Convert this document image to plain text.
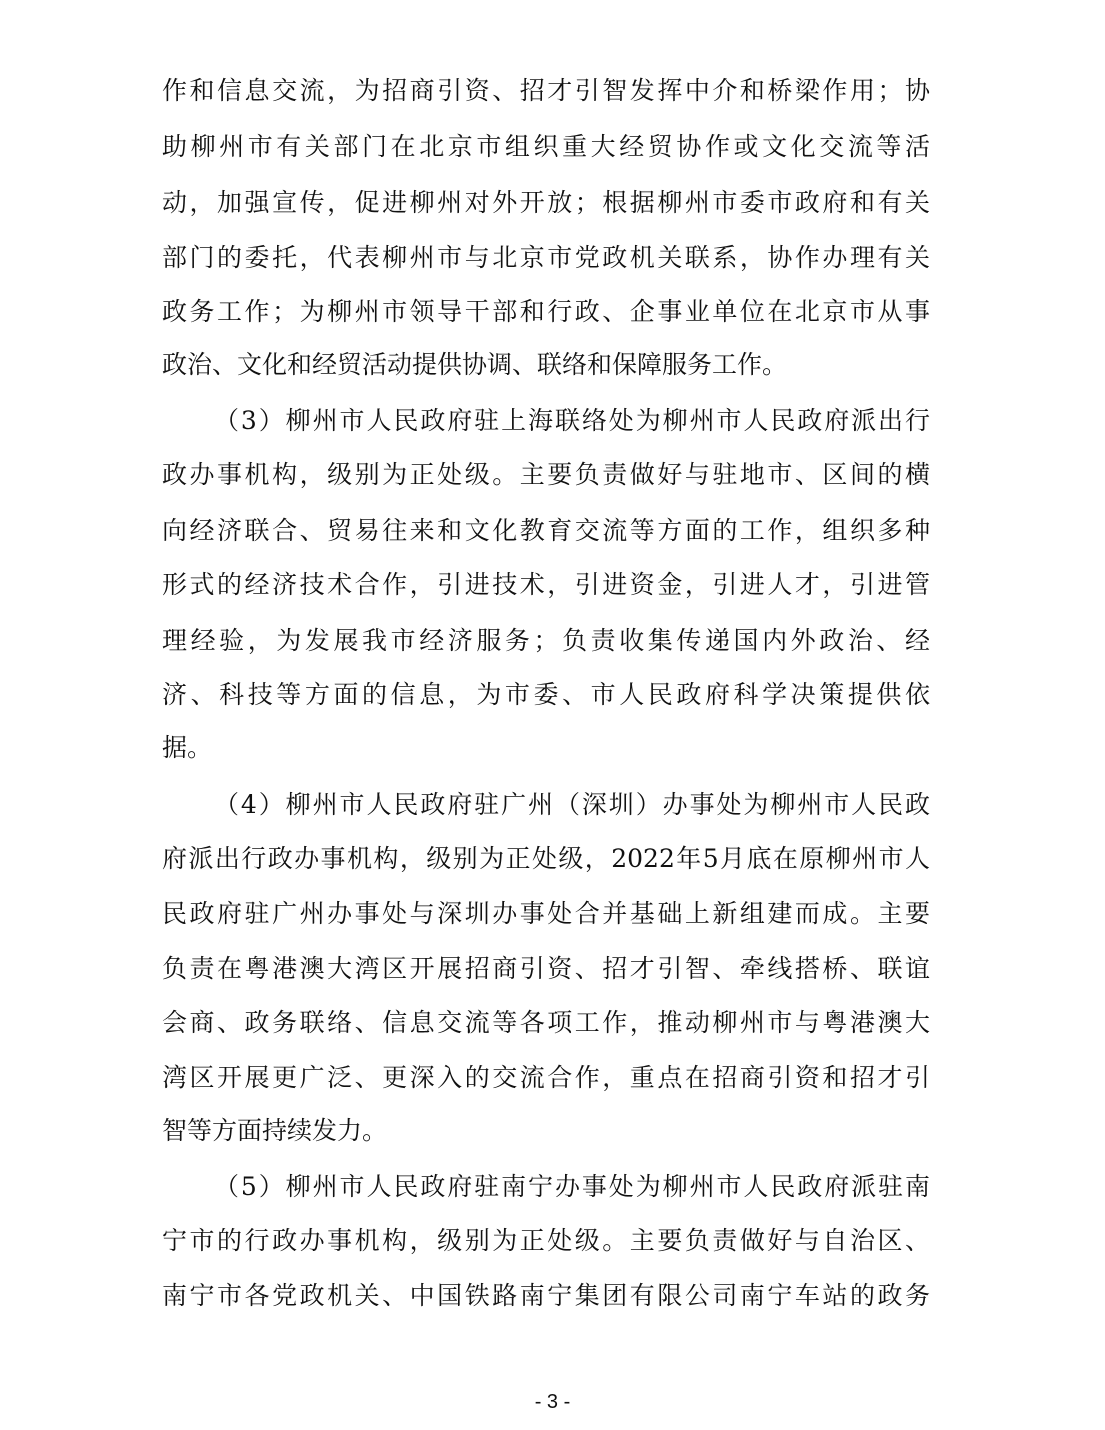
作和信息交流，为招商引资、招才引智发挥中介和桥梁作用；协
助柳州市有关部门在北京市组织重大经贸协作或文化交流等活
动，加强宣传，促进柳州对外开放；根据柳州市委市政府和有关
部门的委托，代表柳州市与北京市党政机关联系，协作办理有关
政务工作；为柳州市领导干部和行政、企事业单位在北京市从事
政治、文化和经贸活动提供协调、联络和保障服务工作。
（3）柳州市人民政府驻上海联络处为柳州市人民政府派出行
政办事机构，级别为正处级。主要负责做好与驻地市、区间的横
向经济联合、贸易往来和文化教育交流等方面的工作，组织多种
形式的经济技术合作，引进技术，引进资金，引进人才，引进管
理经验，为发展我市经济服务；负责收集传递国内外政治、经
济、科技等方面的信息，为市委、市人民政府科学决策提供依
据。
（4）柳州市人民政府驻广州（深圳）办事处为柳州市人民政
府派出行政办事机构，级别为正处级，2022年5月底在原柳州市人
民政府驻广州办事处与深圳办事处合并基础上新组建而成。主要
负责在粤港澳大湾区开展招商引资、招才引智、牵线搭桥、联谊
会商、政务联络、信息交流等各项工作，推动柳州市与粤港澳大
湾区开展更广泛、更深入的交流合作，重点在招商引资和招才引
智等方面持续发力。
（5）柳州市人民政府驻南宁办事处为柳州市人民政府派驻南
宁市的行政办事机构，级别为正处级。主要负责做好与自治区、
南宁市各党政机关、中国铁路南宁集团有限公司南宁车站的政务
- 3 -
